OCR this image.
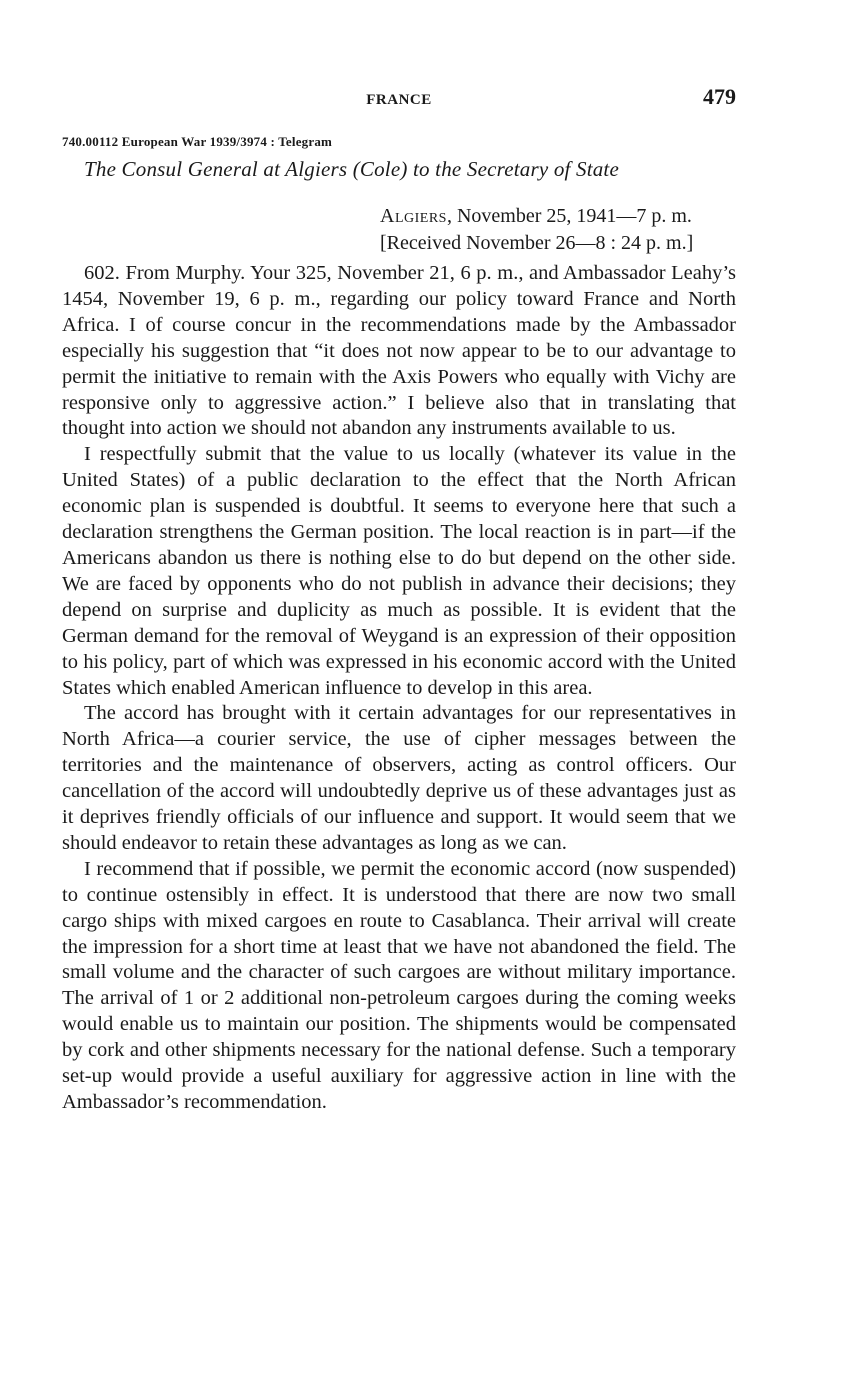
FRANCE	479
740.00112 European War 1939/3974 : Telegram
The Consul General at Algiers (Cole) to the Secretary of State
Algiers, November 25, 1941—7 p. m.
[Received November 26—8 : 24 p. m.]

602. From Murphy. Your 325, November 21, 6 p. m., and Ambassador Leahy’s 1454, November 19, 6 p. m., regarding our policy toward France and North Africa. I of course concur in the recommendations made by the Ambassador especially his suggestion that “it does not now appear to be to our advantage to permit the initiative to remain with the Axis Powers who equally with Vichy are responsive only to aggressive action.” I believe also that in translating that thought into action we should not abandon any instruments available to us.

I respectfully submit that the value to us locally (whatever its value in the United States) of a public declaration to the effect that the North African economic plan is suspended is doubtful. It seems to everyone here that such a declaration strengthens the German position. The local reaction is in part—if the Americans abandon us there is nothing else to do but depend on the other side. We are faced by opponents who do not publish in advance their decisions; they depend on surprise and duplicity as much as possible. It is evident that the German demand for the removal of Weygand is an expression of their opposition to his policy, part of which was expressed in his economic accord with the United States which enabled American influence to develop in this area.

The accord has brought with it certain advantages for our representatives in North Africa—a courier service, the use of cipher messages between the territories and the maintenance of observers, acting as control officers. Our cancellation of the accord will undoubtedly deprive us of these advantages just as it deprives friendly officials of our influence and support. It would seem that we should endeavor to retain these advantages as long as we can.

I recommend that if possible, we permit the economic accord (now suspended) to continue ostensibly in effect. It is understood that there are now two small cargo ships with mixed cargoes en route to Casablanca. Their arrival will create the impression for a short time at least that we have not abandoned the field. The small volume and the character of such cargoes are without military importance. The arrival of 1 or 2 additional non-petroleum cargoes during the coming weeks would enable us to maintain our position. The shipments would be compensated by cork and other shipments necessary for the national defense. Such a temporary set-up would provide a useful auxiliary for aggressive action in line with the Ambassador’s recommendation.
